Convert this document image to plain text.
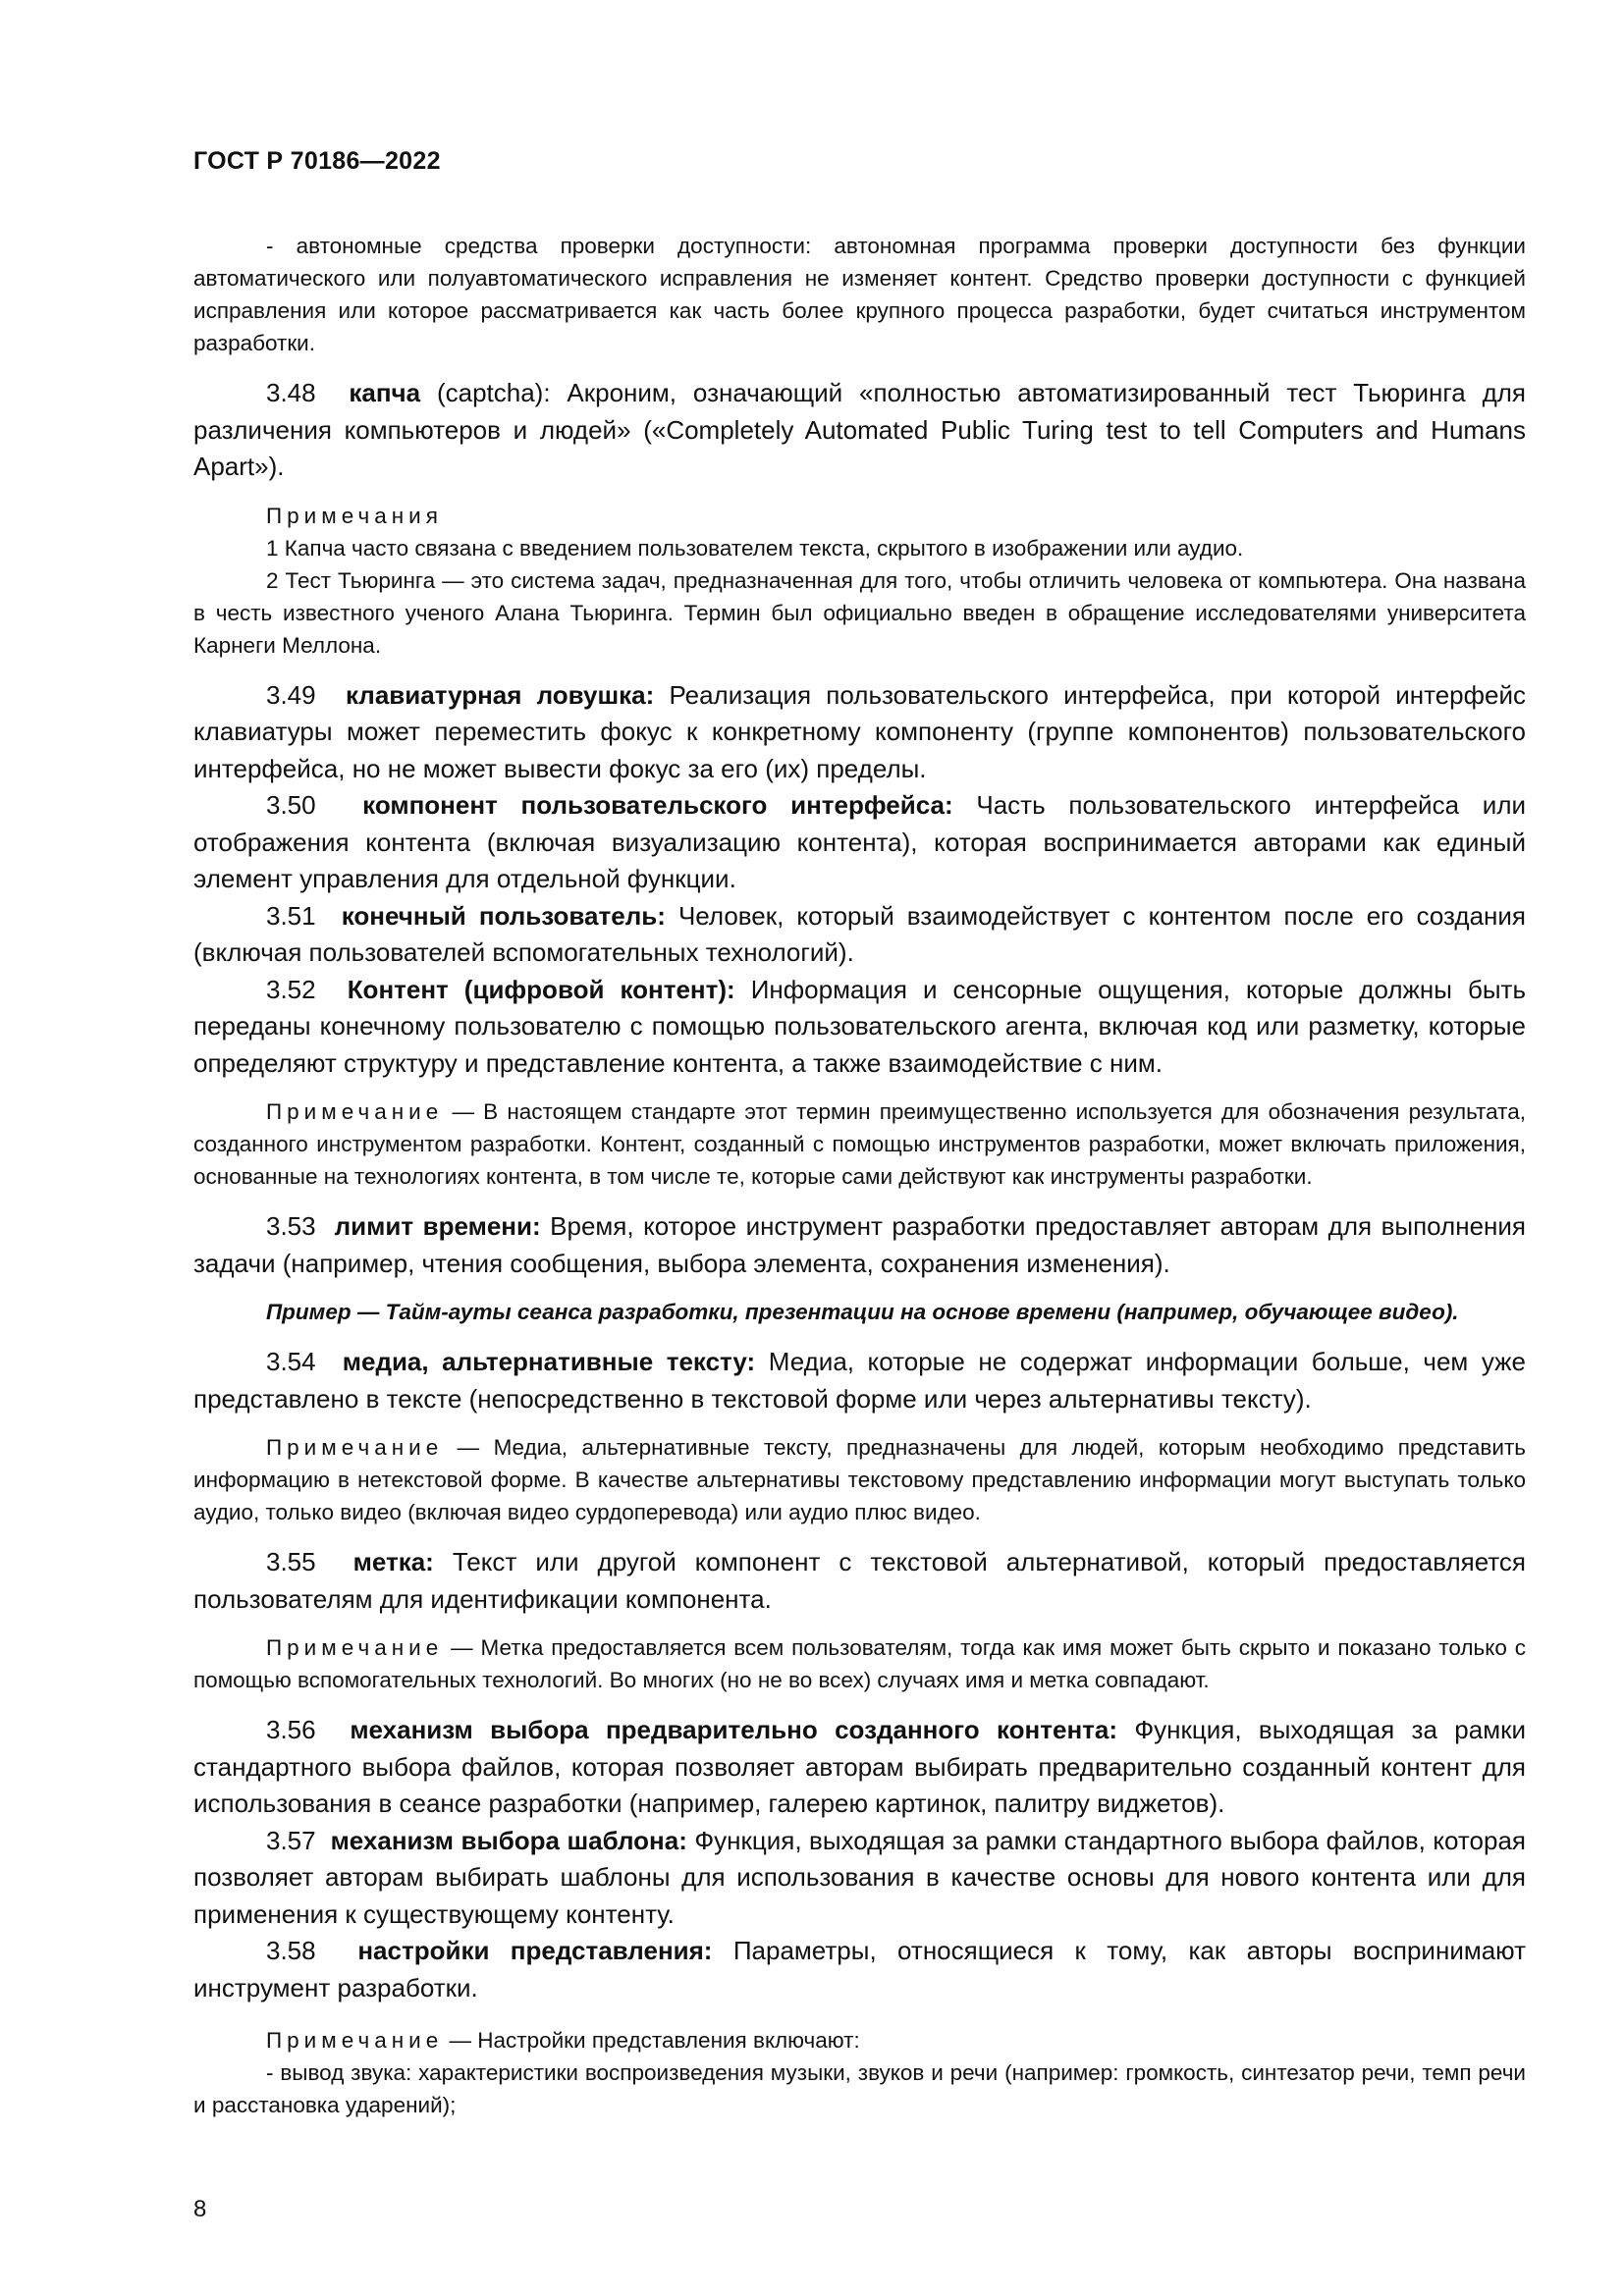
ГОСТ Р 70186—2022

- автономные средства проверки доступности: автономная программа проверки доступности без функции автоматического или полуавтоматического исправления не изменяет контент. Средство проверки доступности с функцией исправления или которое рассматривается как часть более крупного процесса разработки, будет считаться инструментом разработки.

3.48 капча (captcha): Акроним, означающий «полностью автоматизированный тест Тьюринга для различения компьютеров и людей» («Completely Automated Public Turing test to tell Computers and Humans Apart»).

Примечания

1 Капча часто связана с введением пользователем текста, скрытого в изображении или аудио.

2 Тест Тьюринга — это система задач, предназначенная для того, чтобы отличить человека от компьютера. Она названа в честь известного ученого Алана Тьюринга. Термин был официально введен в обращение исследователями университета Карнеги Меллона.

3.49 клавиатурная ловушка: Реализация пользовательского интерфейса, при которой интерфейс клавиатуры может переместить фокус к конкретному компоненту (группе компонентов) пользовательского интерфейса, но не может вывести фокус за его (их) пределы.

3.50 компонент пользовательского интерфейса: Часть пользовательского интерфейса или отображения контента (включая визуализацию контента), которая воспринимается авторами как единый элемент управления для отдельной функции.

3.51 конечный пользователь: Человек, который взаимодействует с контентом после его создания (включая пользователей вспомогательных технологий).

3.52 Контент (цифровой контент): Информация и сенсорные ощущения, которые должны быть переданы конечному пользователю с помощью пользовательского агента, включая код или разметку, которые определяют структуру и представление контента, а также взаимодействие с ним.

Примечание — В настоящем стандарте этот термин преимущественно используется для обозначения результата, созданного инструментом разработки. Контент, созданный с помощью инструментов разработки, может включать приложения, основанные на технологиях контента, в том числе те, которые сами действуют как инструменты разработки.

3.53 лимит времени: Время, которое инструмент разработки предоставляет авторам для выполнения задачи (например, чтения сообщения, выбора элемента, сохранения изменения).

Пример — Тайм-ауты сеанса разработки, презентации на основе времени (например, обучающее видео).

3.54 медиа, альтернативные тексту: Медиа, которые не содержат информации больше, чем уже представлено в тексте (непосредственно в текстовой форме или через альтернативы тексту).

Примечание — Медиа, альтернативные тексту, предназначены для людей, которым необходимо представить информацию в нетекстовой форме. В качестве альтернативы текстовому представлению информации могут выступать только аудио, только видео (включая видео сурдоперевода) или аудио плюс видео.

3.55 метка: Текст или другой компонент с текстовой альтернативой, который предоставляется пользователям для идентификации компонента.

Примечание — Метка предоставляется всем пользователям, тогда как имя может быть скрыто и показано только с помощью вспомогательных технологий. Во многих (но не во всех) случаях имя и метка совпадают.

3.56 механизм выбора предварительно созданного контента: Функция, выходящая за рамки стандартного выбора файлов, которая позволяет авторам выбирать предварительно созданный контент для использования в сеансе разработки (например, галерею картинок, палитру виджетов).

3.57 механизм выбора шаблона: Функция, выходящая за рамки стандартного выбора файлов, которая позволяет авторам выбирать шаблоны для использования в качестве основы для нового контента или для применения к существующему контенту.

3.58 настройки представления: Параметры, относящиеся к тому, как авторы воспринимают инструмент разработки.

Примечание — Настройки представления включают:

- вывод звука: характеристики воспроизведения музыки, звуков и речи (например: громкость, синтезатор речи, темп речи и расстановка ударений);

8
